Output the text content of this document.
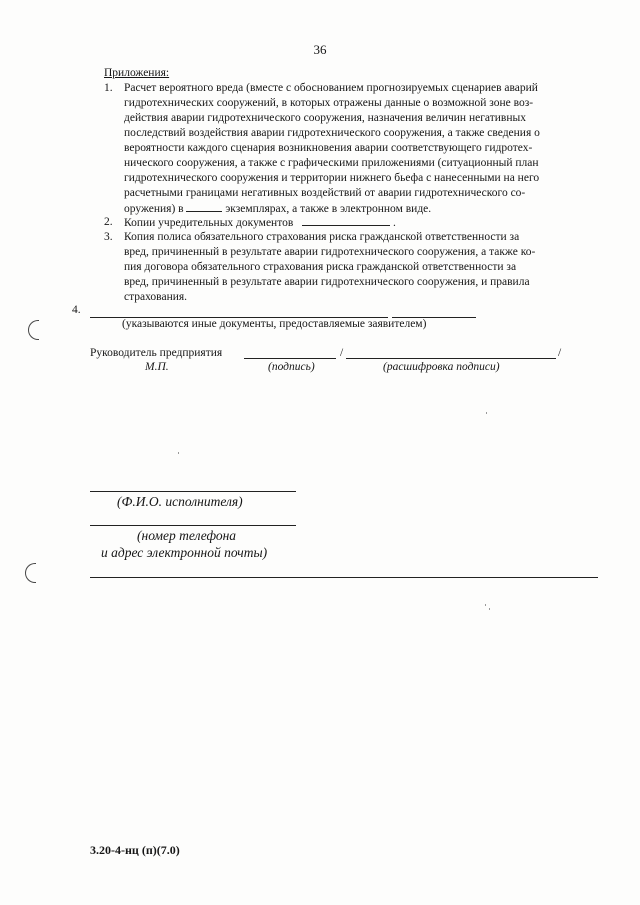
36
Приложения:
1. Расчет вероятного вреда (вместе с обоснованием прогнозируемых сценариев аварий
гидротехнических сооружений, в которых отражены данные о возможной зоне воз-
действия аварии гидротехнического сооружения, назначения величин негативных
последствий воздействия аварии гидротехнического сооружения, а также сведения о
вероятности каждого сценария возникновения аварии соответствующего гидротех-
нического сооружения, а также с графическими приложениями (ситуационный план
гидротехнического сооружения и территории нижнего бьефа с нанесенными на него
расчетными границами негативных воздействий от аварии гидротехнического со-
оружения) в	экземплярах, а также в электронном виде.
2. Копии учредительных документов	.
3. Копия полиса обязательного страхования риска гражданской ответственности за
вред, причиненный в результате аварии гидротехнического сооружения, а также ко-
пия договора обязательного страхования риска гражданской ответственности за
вред, причиненный в результате аварии гидротехнического сооружения, и правила
страхования.
4.
(указываются иные документы, предоставляемые заявителем)
Руководитель предприятия	/	/
М.П.	(подпись)	(расшифровка подписи)
(Ф.И.О. исполнителя)
(номер телефона
и адрес электронной почты)
3.20-4-нц (п)(7.0)
